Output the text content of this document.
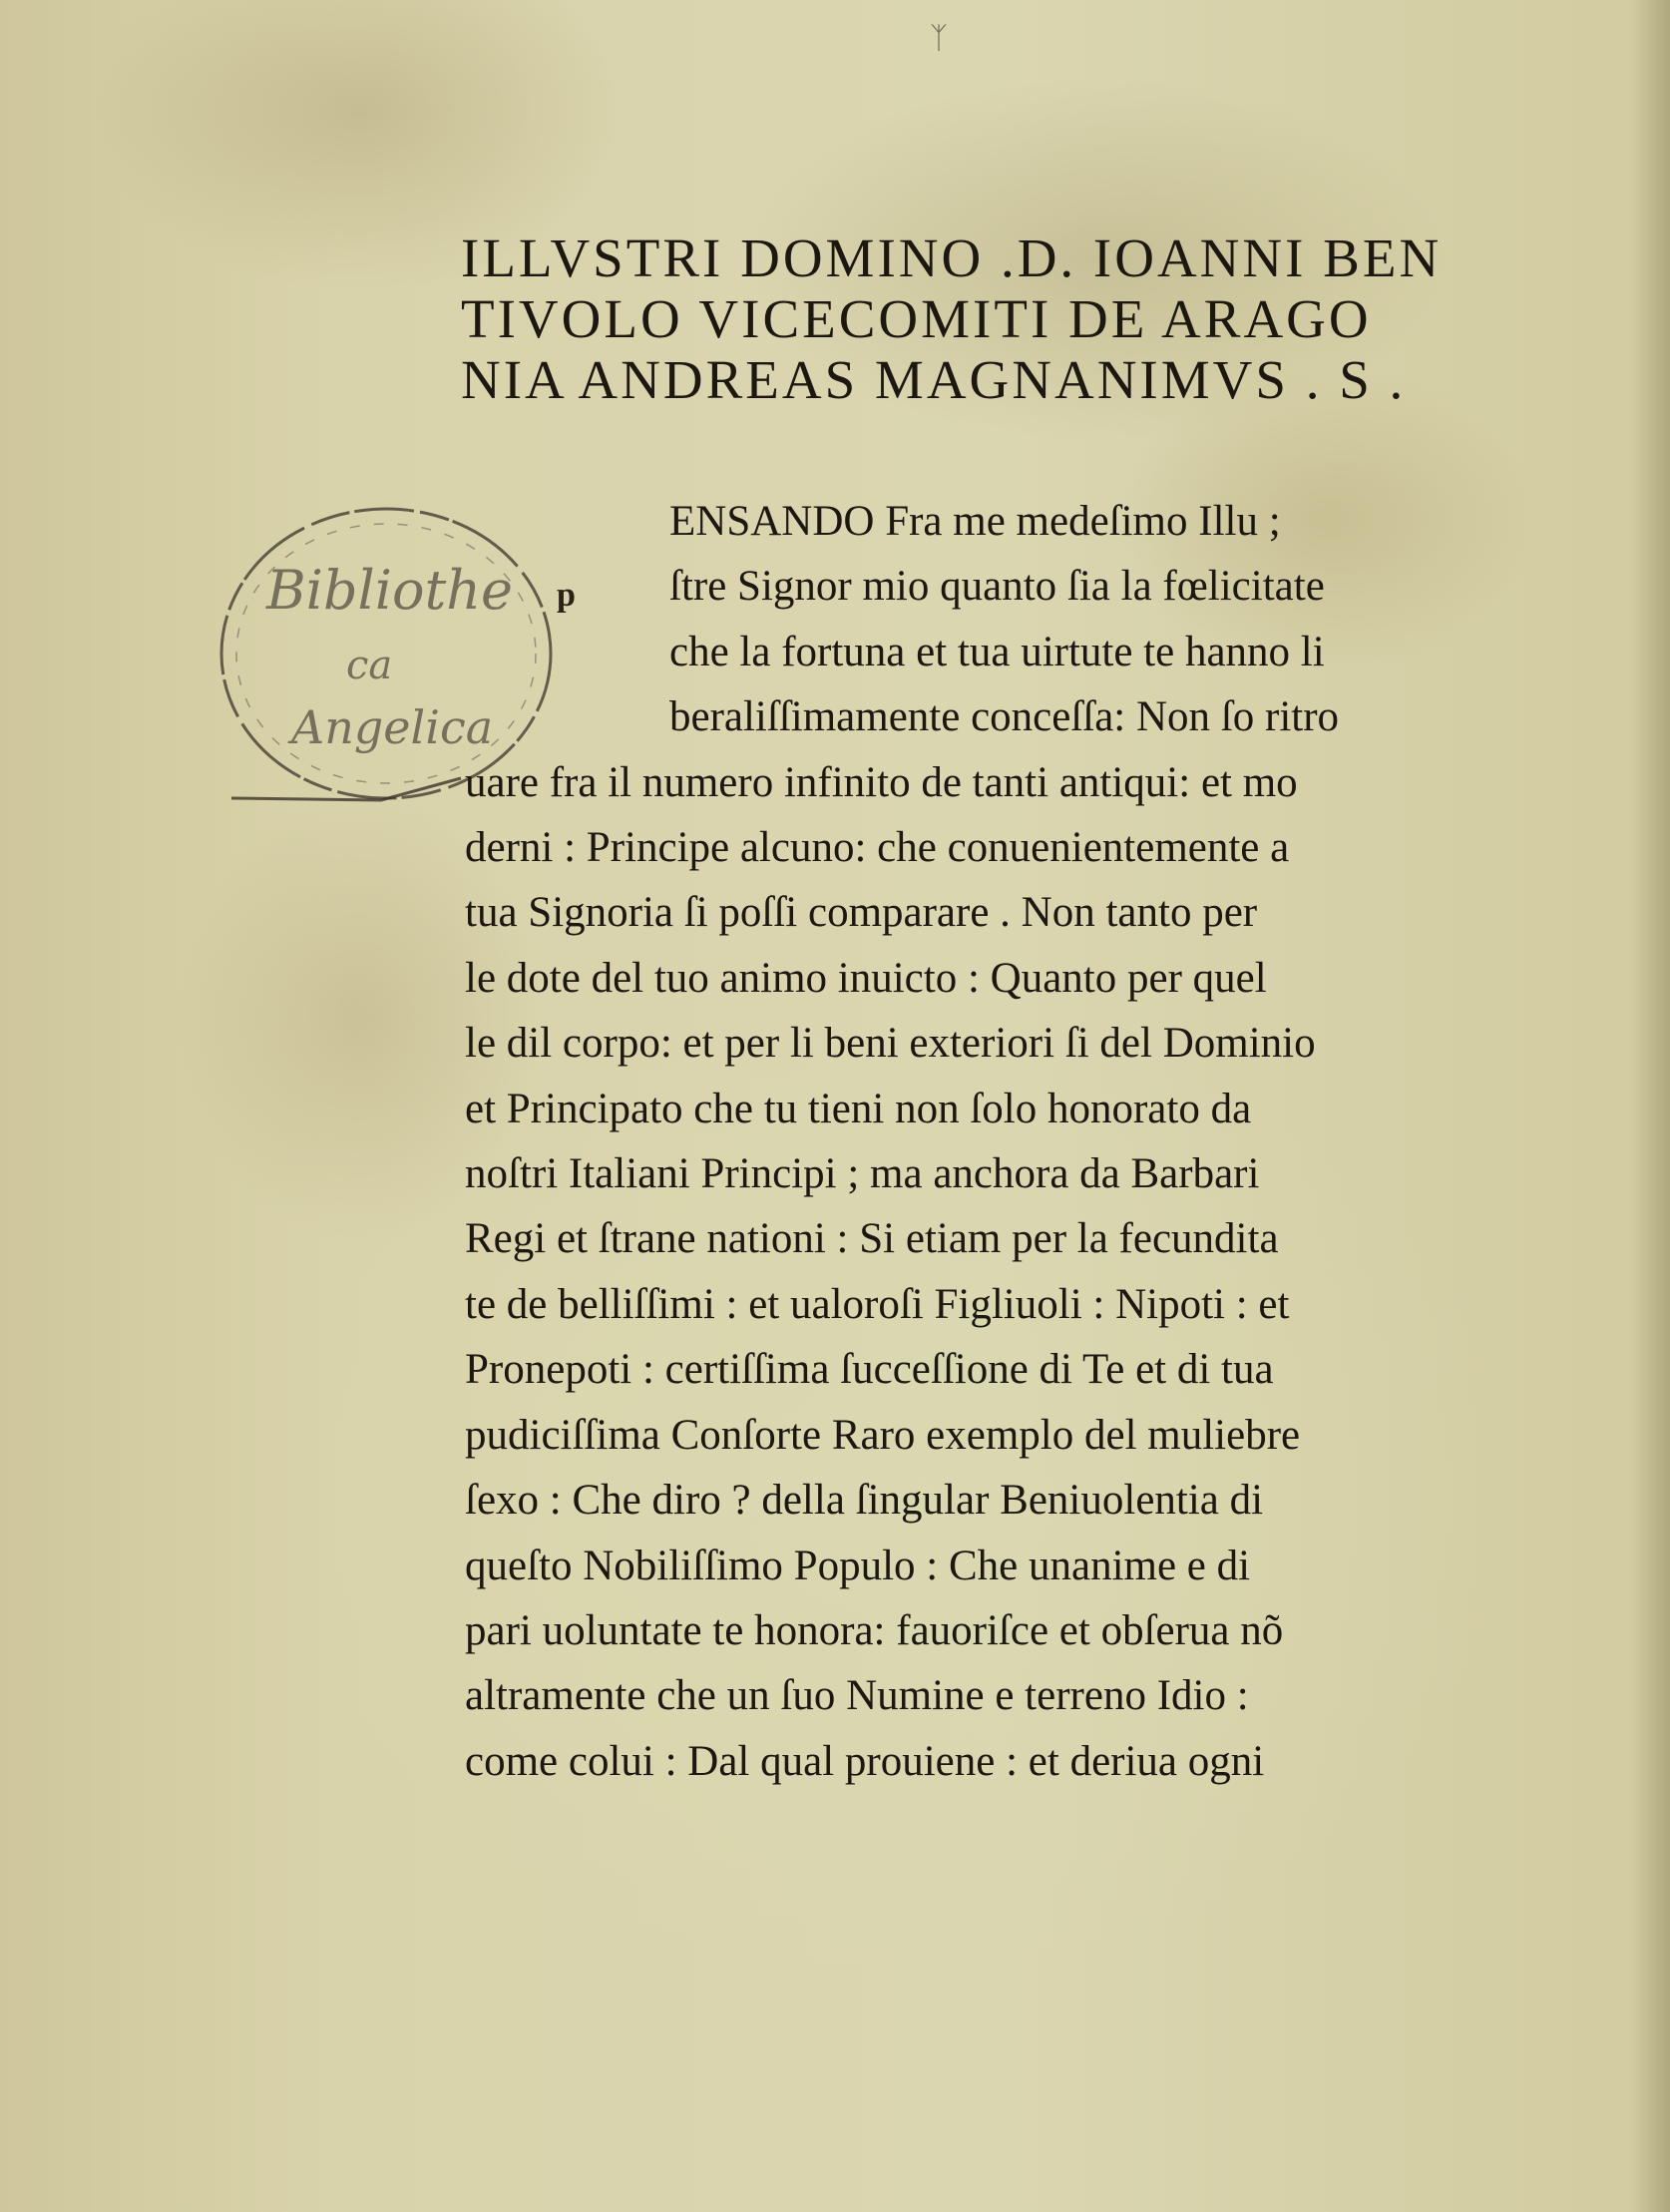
ᛉ
ILLVSTRI DOMINO .D. IOANNI BEN
TIVOLO VICECOMITI DE ARAGO
NIA ANDREAS MAGNANIMVS . S .
Bibliothe
ca
Angelica
p
ENSANDO Fra me medeſimo Illu ;
ſtre Signor mio quanto ſia la fœlicitate
che la fortuna et tua uirtute te hanno li
beraliſſimamente conceſſa: Non ſo ritro
uare fra il numero infinito de tanti antiqui: et mo
derni : Principe alcuno: che conuenientemente a
tua Signoria ſi poſſi comparare . Non tanto per
le dote del tuo animo inuicto : Quanto per quel
le dil corpo: et per li beni exteriori ſi del Dominio
et Principato che tu tieni non ſolo honorato da
noſtri Italiani Principi ; ma anchora da Barbari
Regi et ſtrane nationi : Si etiam per la fecundita
te de belliſſimi : et ualoroſi Figliuoli : Nipoti : et
Pronepoti : certiſſima ſucceſſione di Te et di tua
pudiciſſima Conſorte Raro exemplo del muliebre
ſexo : Che diro ? della ſingular Beniuolentia di
queſto Nobiliſſimo Populo : Che unanime e di
pari uoluntate te honora: fauoriſce et obſerua nõ
altramente che un ſuo Numine e terreno Idio :
come colui : Dal qual prouiene : et deriua ogni
